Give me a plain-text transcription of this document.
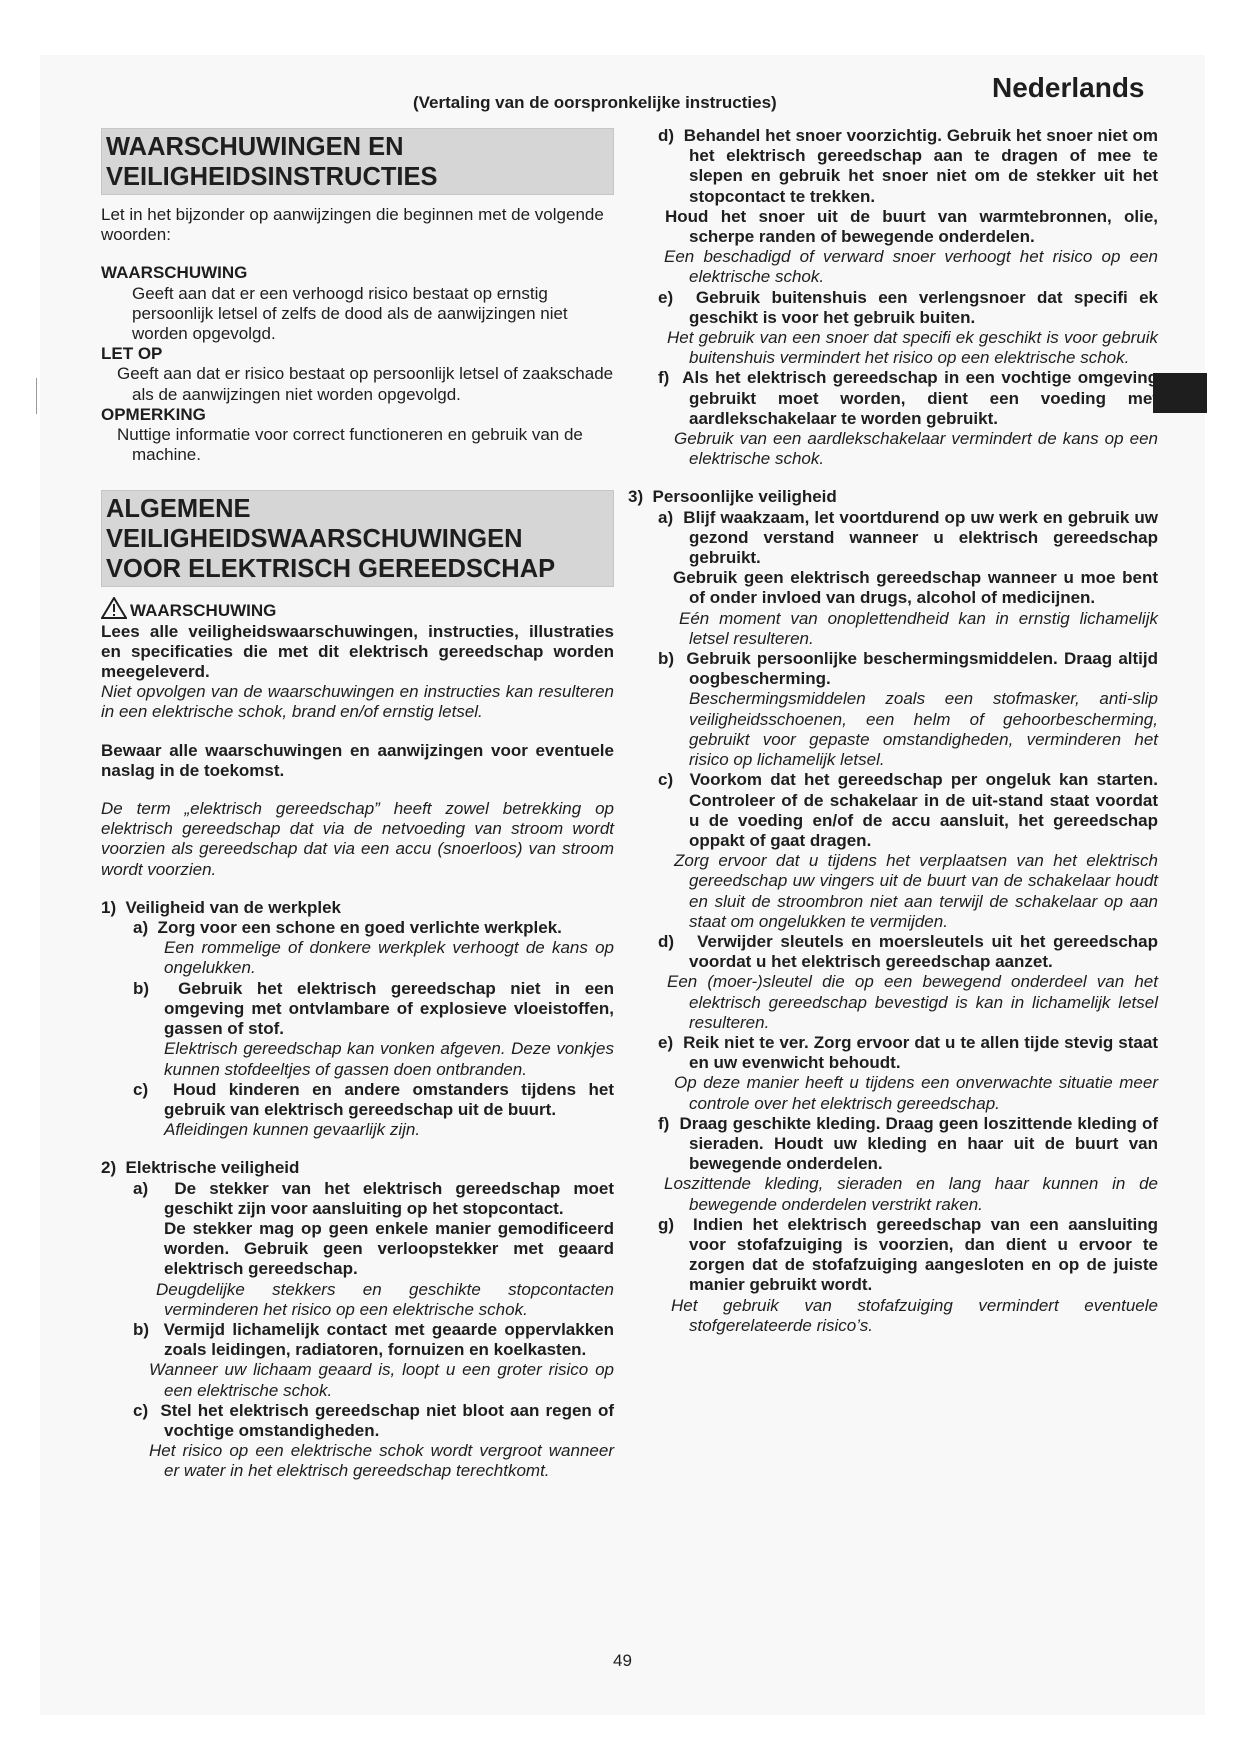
(Vertaling van de oorspronkelijke instructies)	Nederlands
WAARSCHUWINGEN EN
VEILIGHEIDSINSTRUCTIES

Let in het bijzonder op aanwijzingen die beginnen met de volgende woorden:

WAARSCHUWING

Geeft aan dat er een verhoogd risico bestaat op ernstig persoonlijk letsel of zelfs de dood als de aanwijzingen niet worden opgevolgd.

LET OP

Geeft aan dat er risico bestaat op persoonlijk letsel of zaakschade als de aanwijzingen niet worden opgevolgd.

OPMERKING

Nuttige informatie voor correct functioneren en gebruik van de machine.

ALGEMENE
VEILIGHEIDSWAARSCHUWINGEN
VOOR ELEKTRISCH GEREEDSCHAP

WAARSCHUWING

Lees alle veiligheidswaarschuwingen, instructies, illustraties en specificaties die met dit elektrisch gereedschap worden meegeleverd.

Niet opvolgen van de waarschuwingen en instructies kan resulteren in een elektrische schok, brand en/of ernstig letsel.

Bewaar alle waarschuwingen en aanwijzingen voor eventuele naslag in de toekomst.

De term „elektrisch gereedschap” heeft zowel betrekking op elektrisch gereedschap dat via de netvoeding van stroom wordt voorzien als gereedschap dat via een accu (snoerloos) van stroom wordt voorzien.

1)  Veiligheid van de werkplek

a)  Zorg voor een schone en goed verlichte werkplek.

Een rommelige of donkere werkplek verhoogt de kans op ongelukken.

b)  Gebruik het elektrisch gereedschap niet in een omgeving met ontvlambare of explosieve vloeistoffen, gassen of stof.

Elektrisch gereedschap kan vonken afgeven. Deze vonkjes kunnen stofdeeltjes of gassen doen ontbranden.

c)  Houd kinderen en andere omstanders tijdens het gebruik van elektrisch gereedschap uit de buurt.

Afleidingen kunnen gevaarlijk zijn.

2)  Elektrische veiligheid

a)  De stekker van het elektrisch gereedschap moet geschikt zijn voor aansluiting op het stopcontact.

De stekker mag op geen enkele manier gemodificeerd worden. Gebruik geen verloopstekker met geaard elektrisch gereedschap.

Deugdelijke stekkers en geschikte stopcontacten verminderen het risico op een elektrische schok.

b)  Vermijd lichamelijk contact met geaarde oppervlakken zoals leidingen, radiatoren, fornuizen en koelkasten.

Wanneer uw lichaam geaard is, loopt u een groter risico op een elektrische schok.

c)  Stel het elektrisch gereedschap niet bloot aan regen of vochtige omstandigheden.

Het risico op een elektrische schok wordt vergroot wanneer er water in het elektrisch gereedschap terechtkomt.

d)  Behandel het snoer voorzichtig. Gebruik het snoer niet om het elektrisch gereedschap aan te dragen of mee te slepen en gebruik het snoer niet om de stekker uit het stopcontact te trekken.

Houd het snoer uit de buurt van warmtebronnen, olie, scherpe randen of bewegende onderdelen.

Een beschadigd of verward snoer verhoogt het risico op een elektrische schok.

e)  Gebruik buitenshuis een verlengsnoer dat specifi ek geschikt is voor het gebruik buiten.

Het gebruik van een snoer dat specifi ek geschikt is voor gebruik buitenshuis vermindert het risico op een elektrische schok.

f)  Als het elektrisch gereedschap in een vochtige omgeving gebruikt moet worden, dient een voeding met aardlekschakelaar te worden gebruikt.

Gebruik van een aardlekschakelaar vermindert de kans op een elektrische schok.

3)  Persoonlijke veiligheid

a)  Blijf waakzaam, let voortdurend op uw werk en gebruik uw gezond verstand wanneer u elektrisch gereedschap gebruikt.

Gebruik geen elektrisch gereedschap wanneer u moe bent of onder invloed van drugs, alcohol of medicijnen.

Eén moment van onoplettendheid kan in ernstig lichamelijk letsel resulteren.

b)  Gebruik persoonlijke beschermingsmiddelen. Draag altijd oogbescherming.

Beschermingsmiddelen zoals een stofmasker, anti-slip veiligheidsschoenen, een helm of gehoorbescherming, gebruikt voor gepaste omstandigheden, verminderen het risico op lichamelijk letsel.

c)  Voorkom dat het gereedschap per ongeluk kan starten. Controleer of de schakelaar in de uit-stand staat voordat u de voeding en/of de accu aansluit, het gereedschap oppakt of gaat dragen.

Zorg ervoor dat u tijdens het verplaatsen van het elektrisch gereedschap uw vingers uit de buurt van de schakelaar houdt en sluit de stroombron niet aan terwijl de schakelaar op aan staat om ongelukken te vermijden.

d)   Verwijder sleutels en moersleutels uit het gereedschap voordat u het elektrisch gereedschap aanzet.

Een (moer-)sleutel die op een bewegend onderdeel van het elektrisch gereedschap bevestigd is kan in lichamelijk letsel resulteren.

e)  Reik niet te ver. Zorg ervoor dat u te allen tijde stevig staat en uw evenwicht behoudt.

Op deze manier heeft u tijdens een onverwachte situatie meer controle over het elektrisch gereedschap.

f)  Draag geschikte kleding. Draag geen loszittende kleding of sieraden. Houdt uw kleding en haar uit de buurt van bewegende onderdelen.

Loszittende kleding, sieraden en lang haar kunnen in de bewegende onderdelen verstrikt raken.

g)  Indien het elektrisch gereedschap van een aansluiting voor stofafzuiging is voorzien, dan dient u ervoor te zorgen dat de stofafzuiging aangesloten en op de juiste manier gebruikt wordt.

Het gebruik van stofafzuiging vermindert eventuele stofgerelateerde risico’s.

49
